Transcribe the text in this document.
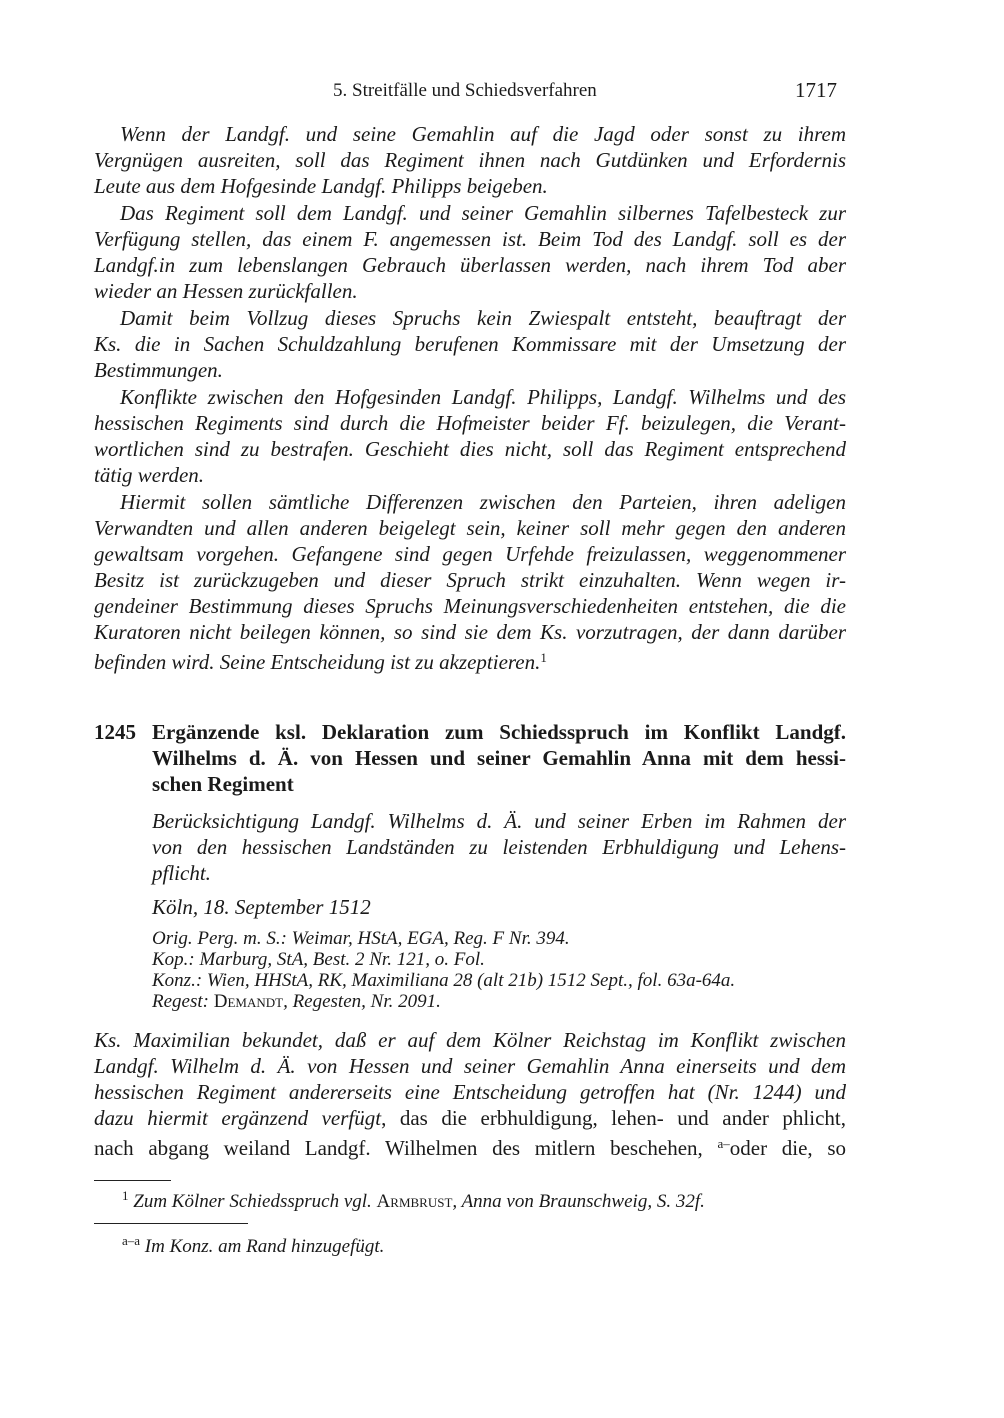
5. Streitfälle und Schiedsverfahren	1717
Wenn der Landgf. und seine Gemahlin auf die Jagd oder sonst zu ihrem
Vergnügen ausreiten, soll das Regiment ihnen nach Gutdünken und Erfordernis
Leute aus dem Hofgesinde Landgf. Philipps beigeben.
Das Regiment soll dem Landgf. und seiner Gemahlin silbernes Tafelbesteck zur
Verfügung stellen, das einem F. angemessen ist. Beim Tod des Landgf. soll es der
Landgf.in zum lebenslangen Gebrauch überlassen werden, nach ihrem Tod aber
wieder an Hessen zurückfallen.
Damit beim Vollzug dieses Spruchs kein Zwiespalt entsteht, beauftragt der
Ks. die in Sachen Schuldzahlung berufenen Kommissare mit der Umsetzung der
Bestimmungen.
Konflikte zwischen den Hofgesinden Landgf. Philipps, Landgf. Wilhelms und des
hessischen Regiments sind durch die Hofmeister beider Ff. beizulegen, die Verant-
wortlichen sind zu bestrafen. Geschieht dies nicht, soll das Regiment entsprechend
tätig werden.
Hiermit sollen sämtliche Differenzen zwischen den Parteien, ihren adeligen
Verwandten und allen anderen beigelegt sein, keiner soll mehr gegen den anderen
gewaltsam vorgehen. Gefangene sind gegen Urfehde freizulassen, weggenommener
Besitz ist zurückzugeben und dieser Spruch strikt einzuhalten. Wenn wegen ir-
gendeiner Bestimmung dieses Spruchs Meinungsverschiedenheiten entstehen, die die
Kuratoren nicht beilegen können, so sind sie dem Ks. vorzutragen, der dann darüber
befinden wird. Seine Entscheidung ist zu akzeptieren.$^1$
1245 Ergänzende ksl. Deklaration zum Schiedsspruch im Konflikt Landgf.
Wilhelms d. Ä. von Hessen und seiner Gemahlin Anna mit dem hessi-
schen Regiment
Berücksichtigung Landgf. Wilhelms d. Ä. und seiner Erben im Rahmen der
von den hessischen Landständen zu leistenden Erbhuldigung und Lehens-
pflicht.
Köln, 18. September 1512
Orig. Perg. m. S.: Weimar, HStA, EGA, Reg. F Nr. 394.
Kop.: Marburg, StA, Best. 2 Nr. 121, o. Fol.
Konz.: Wien, HHStA, RK, Maximiliana 28 (alt 21b) 1512 Sept., fol. 63a-64a.
Regest: Demandt, Regesten, Nr. 2091.
Ks. Maximilian bekundet, daß er auf dem Kölner Reichstag im Konflikt zwischen
Landgf. Wilhelm d. Ä. von Hessen und seiner Gemahlin Anna einerseits und dem
hessischen Regiment andererseits eine Entscheidung getroffen hat (Nr. 1244) und
dazu hiermit ergänzend verfügt, das die erbhuldigung, lehen- und ander phlicht,
nach abgang weiland Landgf. Wilhelmen des mitlern beschehen, $^{a-}$oder die, so
$^1$ Zum Kölner Schiedsspruch vgl. Armbrust, Anna von Braunschweig, S. 32f.
$^{a-a}$ Im Konz. am Rand hinzugefügt.
